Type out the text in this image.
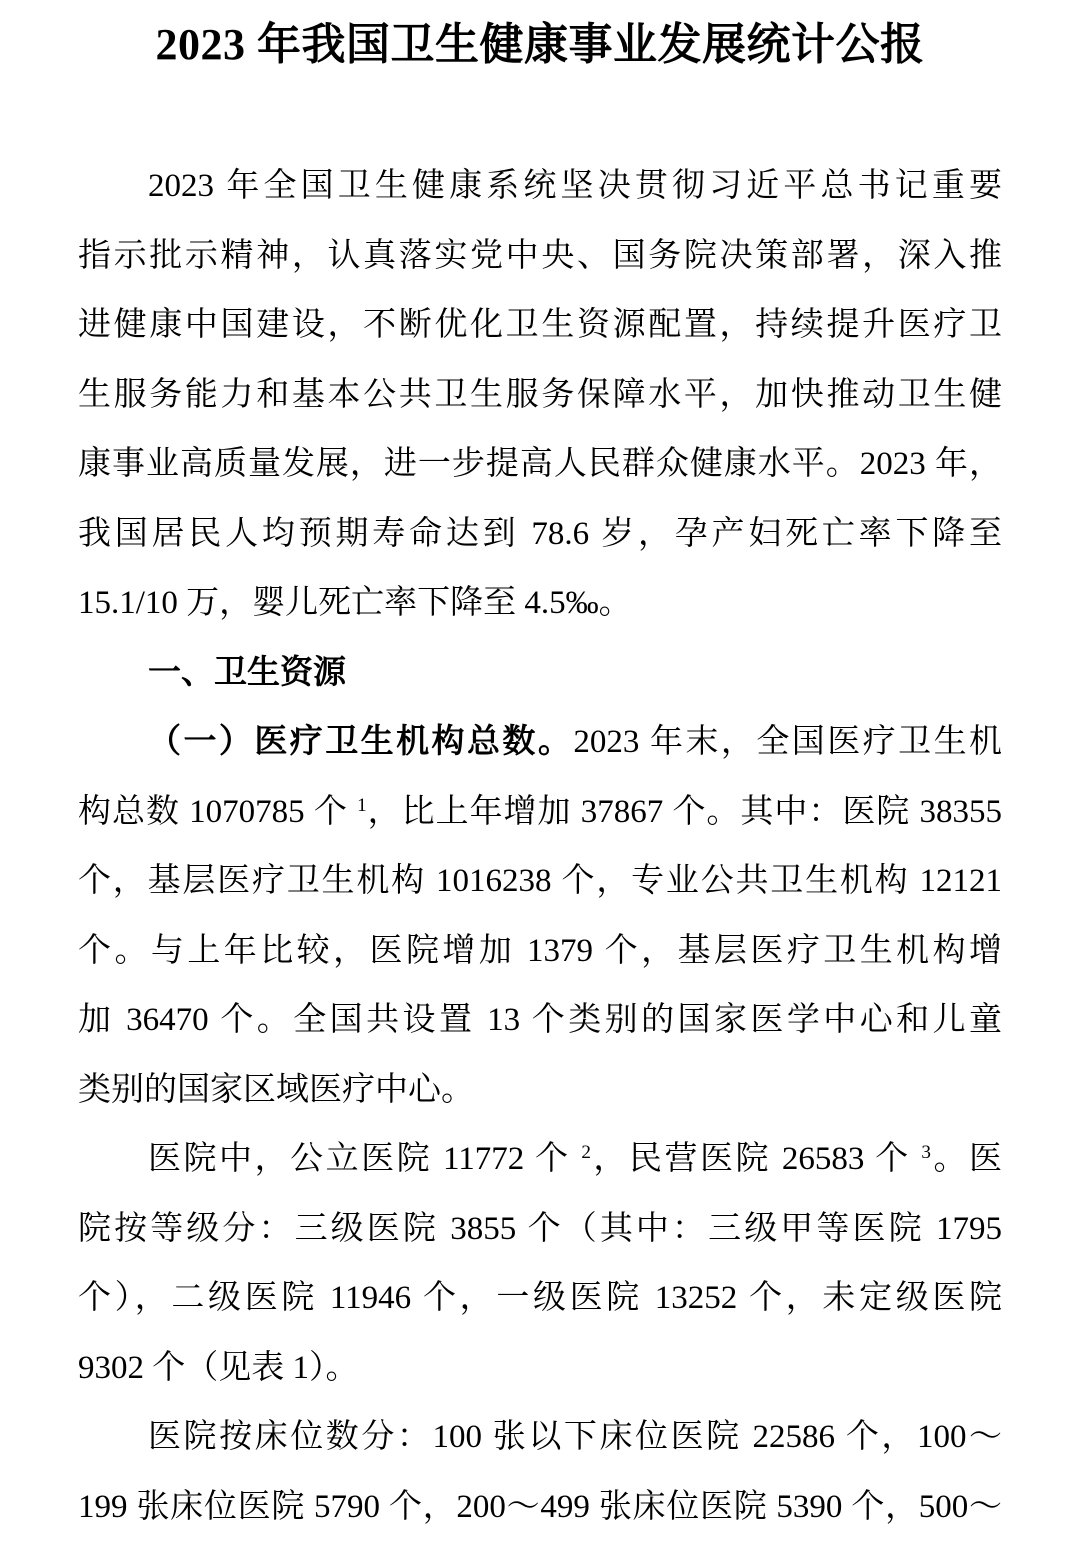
2023 年我国卫生健康事业发展统计公报
2023 年全国卫生健康系统坚决贯彻习近平总书记重要
指示批示精神，认真落实党中央、国务院决策部署，深入推
进健康中国建设，不断优化卫生资源配置，持续提升医疗卫
生服务能力和基本公共卫生服务保障水平，加快推动卫生健
康事业高质量发展，进一步提高人民群众健康水平。2023 年，
我国居民人均预期寿命达到 78.6 岁，孕产妇死亡率下降至
15.1/10 万，婴儿死亡率下降至 4.5‰。
一、卫生资源
（一）医疗卫生机构总数。2023 年末，全国医疗卫生机
构总数 1070785 个 $^1$，比上年增加 37867 个。其中：医院 38355
个，基层医疗卫生机构 1016238 个，专业公共卫生机构 12121
个。与上年比较，医院增加 1379 个，基层医疗卫生机构增
加 36470 个。全国共设置 13 个类别的国家医学中心和儿童
类别的国家区域医疗中心。
医院中，公立医院 11772 个 $^2$，民营医院 26583 个 $^3$。医
院按等级分：三级医院 3855 个（其中：三级甲等医院 1795
个），二级医院 11946 个，一级医院 13252 个，未定级医院
9302 个（见表 1）。
医院按床位数分：100 张以下床位医院 22586 个，100～
199 张床位医院 5790 个，200～499 张床位医院 5390 个，500～
